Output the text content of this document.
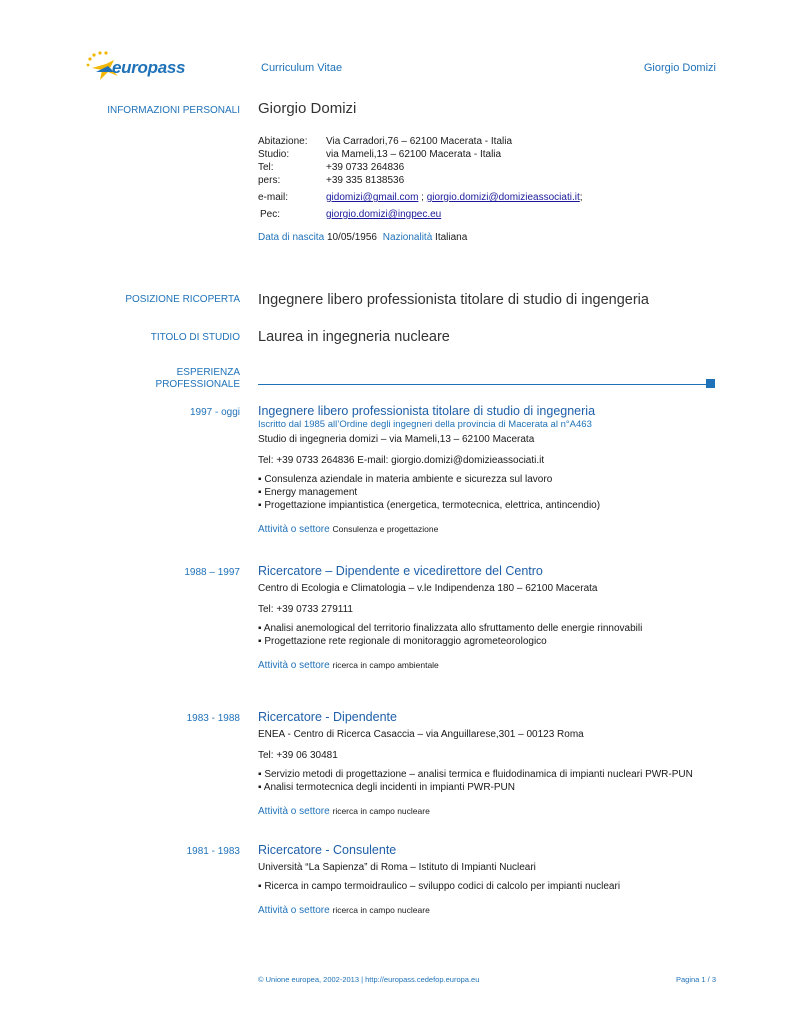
europass	Curriculum Vitae	Giorgio Domizi
INFORMAZIONI PERSONALI Giorgio Domizi
Abitazione: Via Carradori,76 – 62100 Macerata - Italia
Studio:	via Mameli,13 – 62100 Macerata - Italia
Tel:	+39 0733 264836
pers:	+39 335 8138536
e-mail:	gidomizi@gmail.com ; giorgio.domizi@domizieassociati.it;
Pec:	giorgio.domizi@ingpec.eu
Data di nascita 10/05/1956 Nazionalità Italiana
POSIZIONE RICOPERTA Ingegnere libero professionista titolare di studio di ingengeria
TITOLO DI STUDIO Laurea in ingegneria nucleare
ESPERIENZA
PROFESSIONALE
1997 - oggi Ingegnere libero professionista titolare di studio di ingegneria
Iscritto dal 1985 all’Ordine degli ingegneri della provincia di Macerata al n°A463
Studio di ingegneria domizi – via Mameli,13 – 62100 Macerata
Tel: +39 0733 264836 E-mail: giorgio.domizi@domizieassociati.it
▪ Consulenza aziendale in materia ambiente e sicurezza sul lavoro
▪ Energy management
▪ Progettazione impiantistica (energetica, termotecnica, elettrica, antincendio)
Attività o settore Consulenza e progettazione
1988 – 1997 Ricercatore – Dipendente e vicedirettore del Centro
Centro di Ecologia e Climatologia – v.le Indipendenza 180 – 62100 Macerata
Tel: +39 0733 279111
▪ Analisi anemological del territorio finalizzata allo sfruttamento delle energie rinnovabili
▪ Progettazione rete regionale di monitoraggio agrometeorologico
Attività o settore ricerca in campo ambientale
1983 - 1988 Ricercatore - Dipendente
ENEA - Centro di Ricerca Casaccia – via Anguillarese,301 – 00123 Roma
Tel: +39 06 30481
▪ Servizio metodi di progettazione – analisi termica e fluidodinamica di impianti nucleari PWR-PUN
▪ Analisi termotecnica degli incidenti in impianti PWR-PUN
Attività o settore ricerca in campo nucleare
1981 - 1983 Ricercatore - Consulente
Università “La Sapienza” di Roma – Istituto di Impianti Nucleari
▪ Ricerca in campo termoidraulico – sviluppo codici di calcolo per impianti nucleari
Attività o settore ricerca in campo nucleare
© Unione europea, 2002-2013 | http://europass.cedefop.europa.eu	Pagina 1 / 3
